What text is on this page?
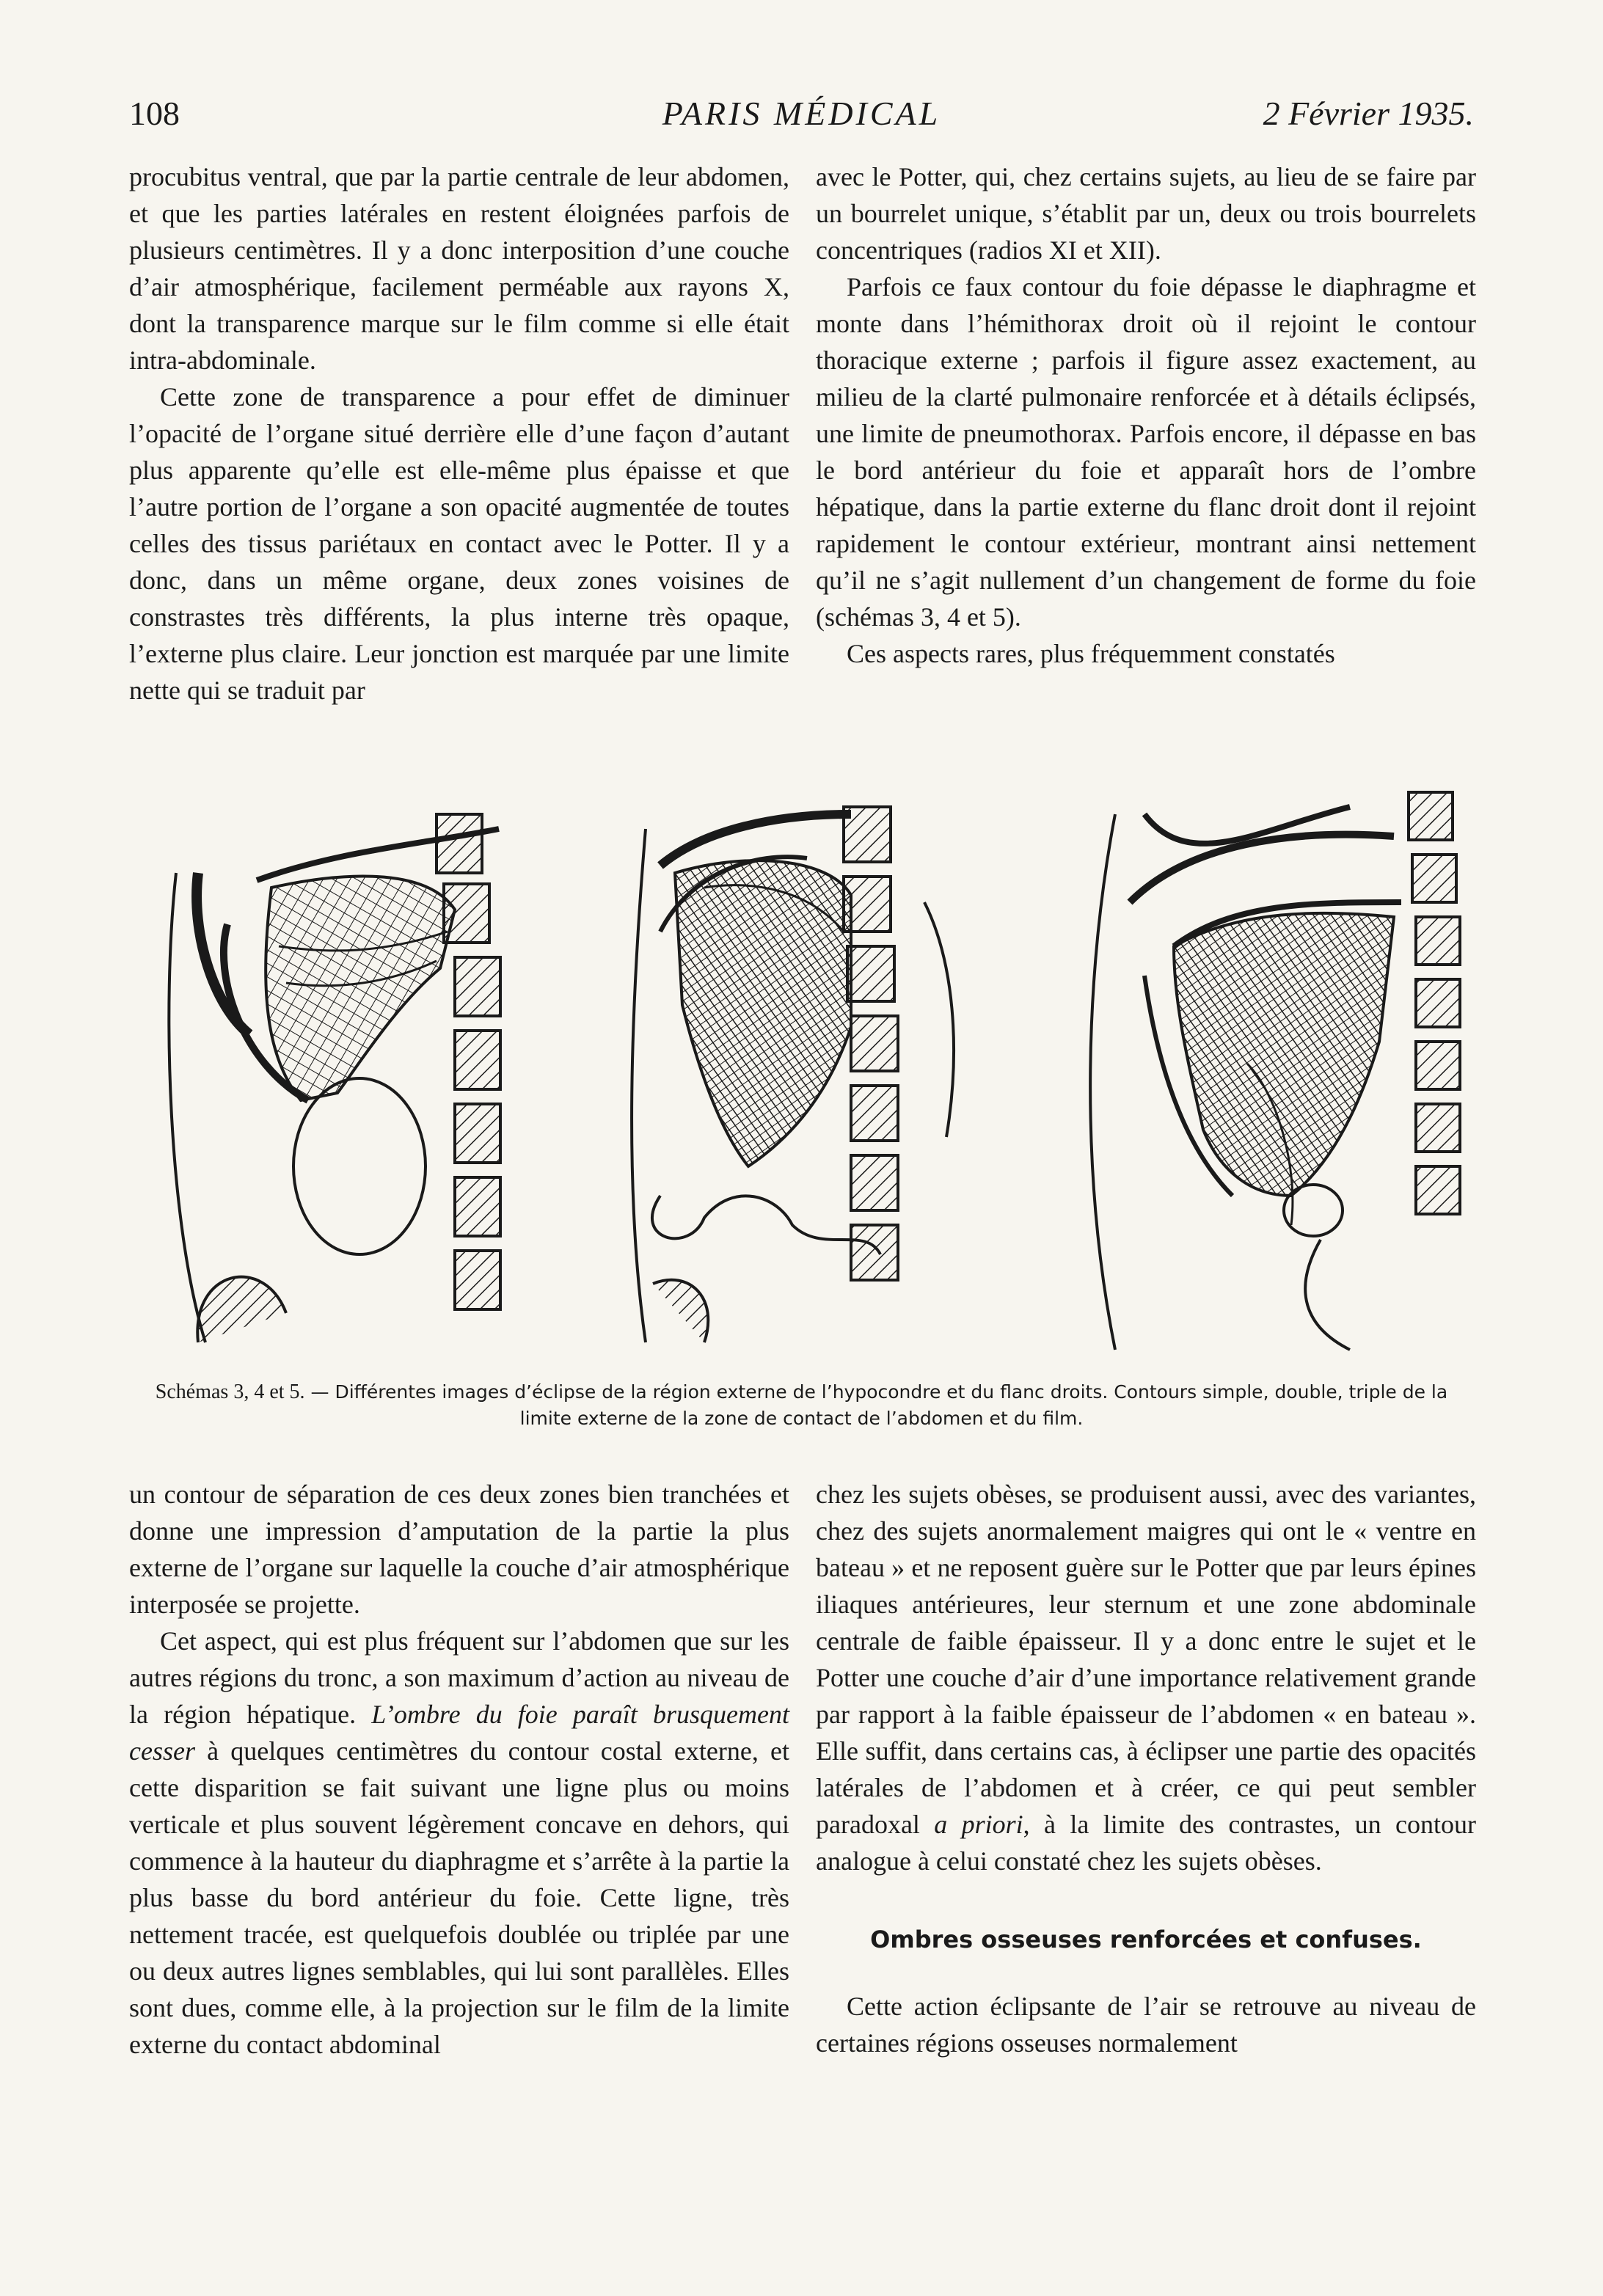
108	PARIS MÉDICAL	2 Février 1935.

procubitus ventral, que par la partie centrale de leur abdomen, et que les parties latérales en restent éloignées parfois de plusieurs centimètres. Il y a donc interposition d’une couche d’air atmosphérique, facilement perméable aux rayons X, dont la transparence marque sur le film comme si elle était intra-abdominale.

Cette zone de transparence a pour effet de diminuer l’opacité de l’organe situé derrière elle d’une façon d’autant plus apparente qu’elle est elle-même plus épaisse et que l’autre portion de l’organe a son opacité augmentée de toutes celles des tissus pariétaux en contact avec le Potter. Il y a donc, dans un même organe, deux zones voisines de constrastes très différents, la plus interne très opaque, l’externe plus claire. Leur jonction est marquée par une limite nette qui se traduit par

avec le Potter, qui, chez certains sujets, au lieu de se faire par un bourrelet unique, s’établit par un, deux ou trois bourrelets concentriques (radios XI et XII).

Parfois ce faux contour du foie dépasse le diaphragme et monte dans l’hémithorax droit où il rejoint le contour thoracique externe ; parfois il figure assez exactement, au milieu de la clarté pulmonaire renforcée et à détails éclipsés, une limite de pneumothorax. Parfois encore, il dépasse en bas le bord antérieur du foie et apparaît hors de l’ombre hépatique, dans la partie externe du flanc droit dont il rejoint rapidement le contour extérieur, montrant ainsi nettement qu’il ne s’agit nullement d’un changement de forme du foie (schémas 3, 4 et 5).

Ces aspects rares, plus fréquemment constatés

Schémas 3, 4 et 5. — Différentes images d’éclipse de la région externe de l’hypocondre et du flanc droits. Contours simple, double, triple de la limite externe de la zone de contact de l’abdomen et du film.

un contour de séparation de ces deux zones bien tranchées et donne une impression d’amputation de la partie la plus externe de l’organe sur laquelle la couche d’air atmosphérique interposée se projette.

Cet aspect, qui est plus fréquent sur l’abdomen que sur les autres régions du tronc, a son maximum d’action au niveau de la région hépatique. L’ombre du foie paraît brusquement cesser à quelques centimètres du contour costal externe, et cette disparition se fait suivant une ligne plus ou moins verticale et plus souvent légèrement concave en dehors, qui commence à la hauteur du diaphragme et s’arrête à la partie la plus basse du bord antérieur du foie. Cette ligne, très nettement tracée, est quelquefois doublée ou triplée par une ou deux autres lignes semblables, qui lui sont parallèles. Elles sont dues, comme elle, à la projection sur le film de la limite externe du contact abdominal

chez les sujets obèses, se produisent aussi, avec des variantes, chez des sujets anormalement maigres qui ont le « ventre en bateau » et ne reposent guère sur le Potter que par leurs épines iliaques antérieures, leur sternum et une zone abdominale centrale de faible épaisseur. Il y a donc entre le sujet et le Potter une couche d’air d’une importance relativement grande par rapport à la faible épaisseur de l’abdomen « en bateau ». Elle suffit, dans certains cas, à éclipser une partie des opacités latérales de l’abdomen et à créer, ce qui peut sembler paradoxal a priori, à la limite des contrastes, un contour analogue à celui constaté chez les sujets obèses.

Ombres osseuses renforcées et confuses.

Cette action éclipsante de l’air se retrouve au niveau de certaines régions osseuses normalement
